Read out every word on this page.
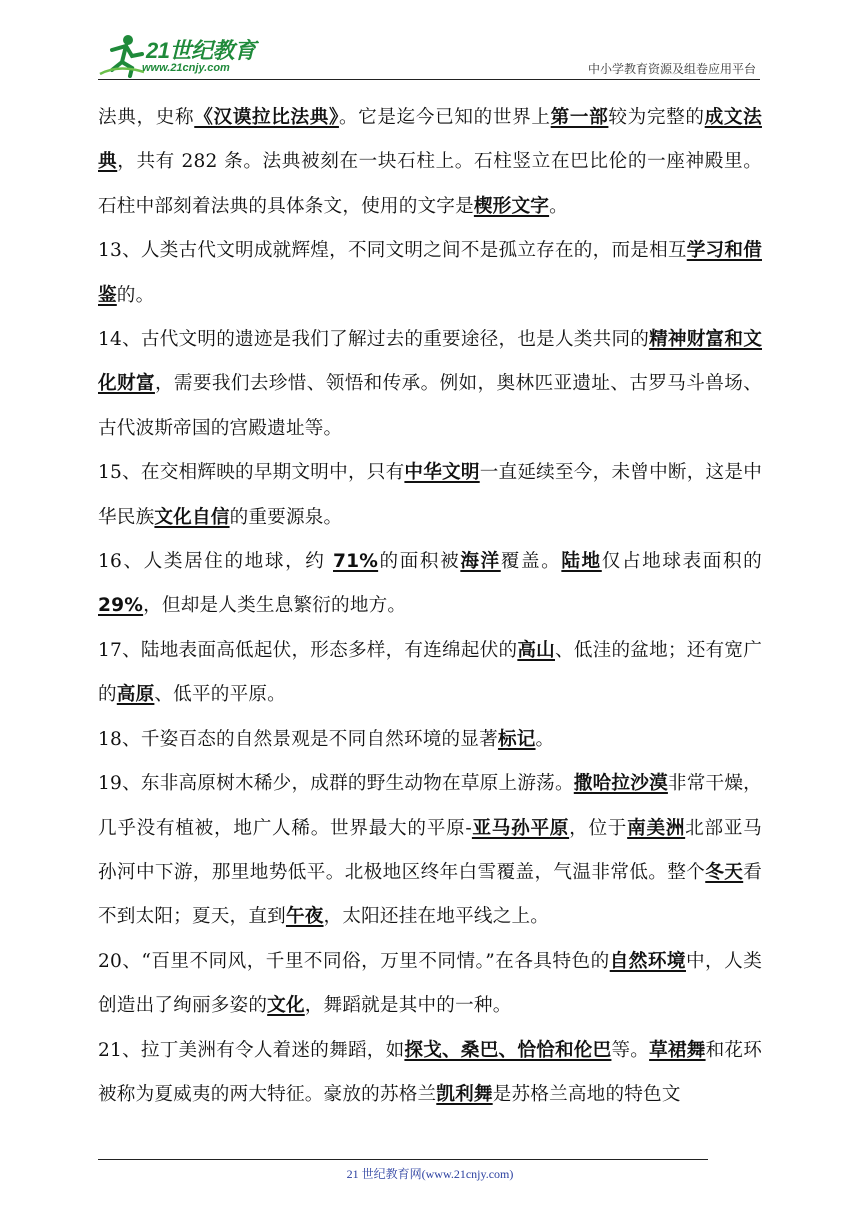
21世纪教育
www.21cnjy.com	中小学教育资源及组卷应用平台

法典，史称《汉谟拉比法典》。它是迄今已知的世界上第一部较为完整的成文法典，共有 282 条。法典被刻在一块石柱上。石柱竖立在巴比伦的一座神殿里。石柱中部刻着法典的具体条文，使用的文字是楔形文字。

13、人类古代文明成就辉煌，不同文明之间不是孤立存在的，而是相互学习和借鉴的。

14、古代文明的遗迹是我们了解过去的重要途径，也是人类共同的精神财富和文化财富，需要我们去珍惜、领悟和传承。例如，奥林匹亚遗址、古罗马斗兽场、古代波斯帝国的宫殿遗址等。

15、在交相辉映的早期文明中，只有中华文明一直延续至今，未曾中断，这是中华民族文化自信的重要源泉。

16、人类居住的地球，约 71%的面积被海洋覆盖。陆地仅占地球表面积的 29%，但却是人类生息繁衍的地方。

17、陆地表面高低起伏，形态多样，有连绵起伏的高山、低洼的盆地；还有宽广的高原、低平的平原。

18、千姿百态的自然景观是不同自然环境的显著标记。

19、东非高原树木稀少，成群的野生动物在草原上游荡。撒哈拉沙漠非常干燥，几乎没有植被，地广人稀。世界最大的平原-亚马孙平原，位于南美洲北部亚马孙河中下游，那里地势低平。北极地区终年白雪覆盖，气温非常低。整个冬天看不到太阳；夏天，直到午夜，太阳还挂在地平线之上。

20、“百里不同风，千里不同俗，万里不同情。”在各具特色的自然环境中，人类创造出了绚丽多姿的文化，舞蹈就是其中的一种。

21、拉丁美洲有令人着迷的舞蹈，如探戈、桑巴、恰恰和伦巴等。草裙舞和花环被称为夏威夷的两大特征。豪放的苏格兰凯利舞是苏格兰高地的特色文

21 世纪教育网(www.21cnjy.com)
